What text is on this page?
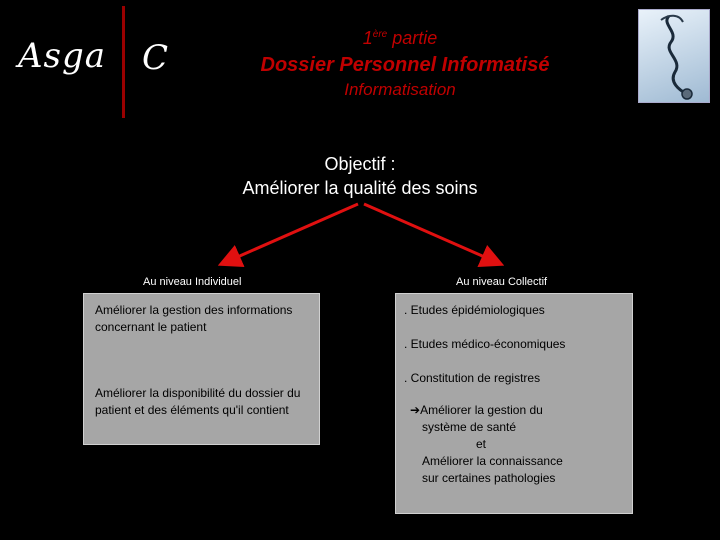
Asga C	1ère partie
Dossier Personnel Informatisé
Informatisation
Objectif :
Améliorer la qualité des soins
Au niveau Individuel	Au niveau Collectif
Améliorer la gestion des informations concernant le patient
Améliorer la disponibilité du dossier du patient et des éléments qu'il contient
. Etudes épidémiologiques
. Etudes médico-économiques
. Constitution de registres
➔Améliorer la gestion du
système de santé
et
Améliorer la connaissance
sur certaines pathologies
